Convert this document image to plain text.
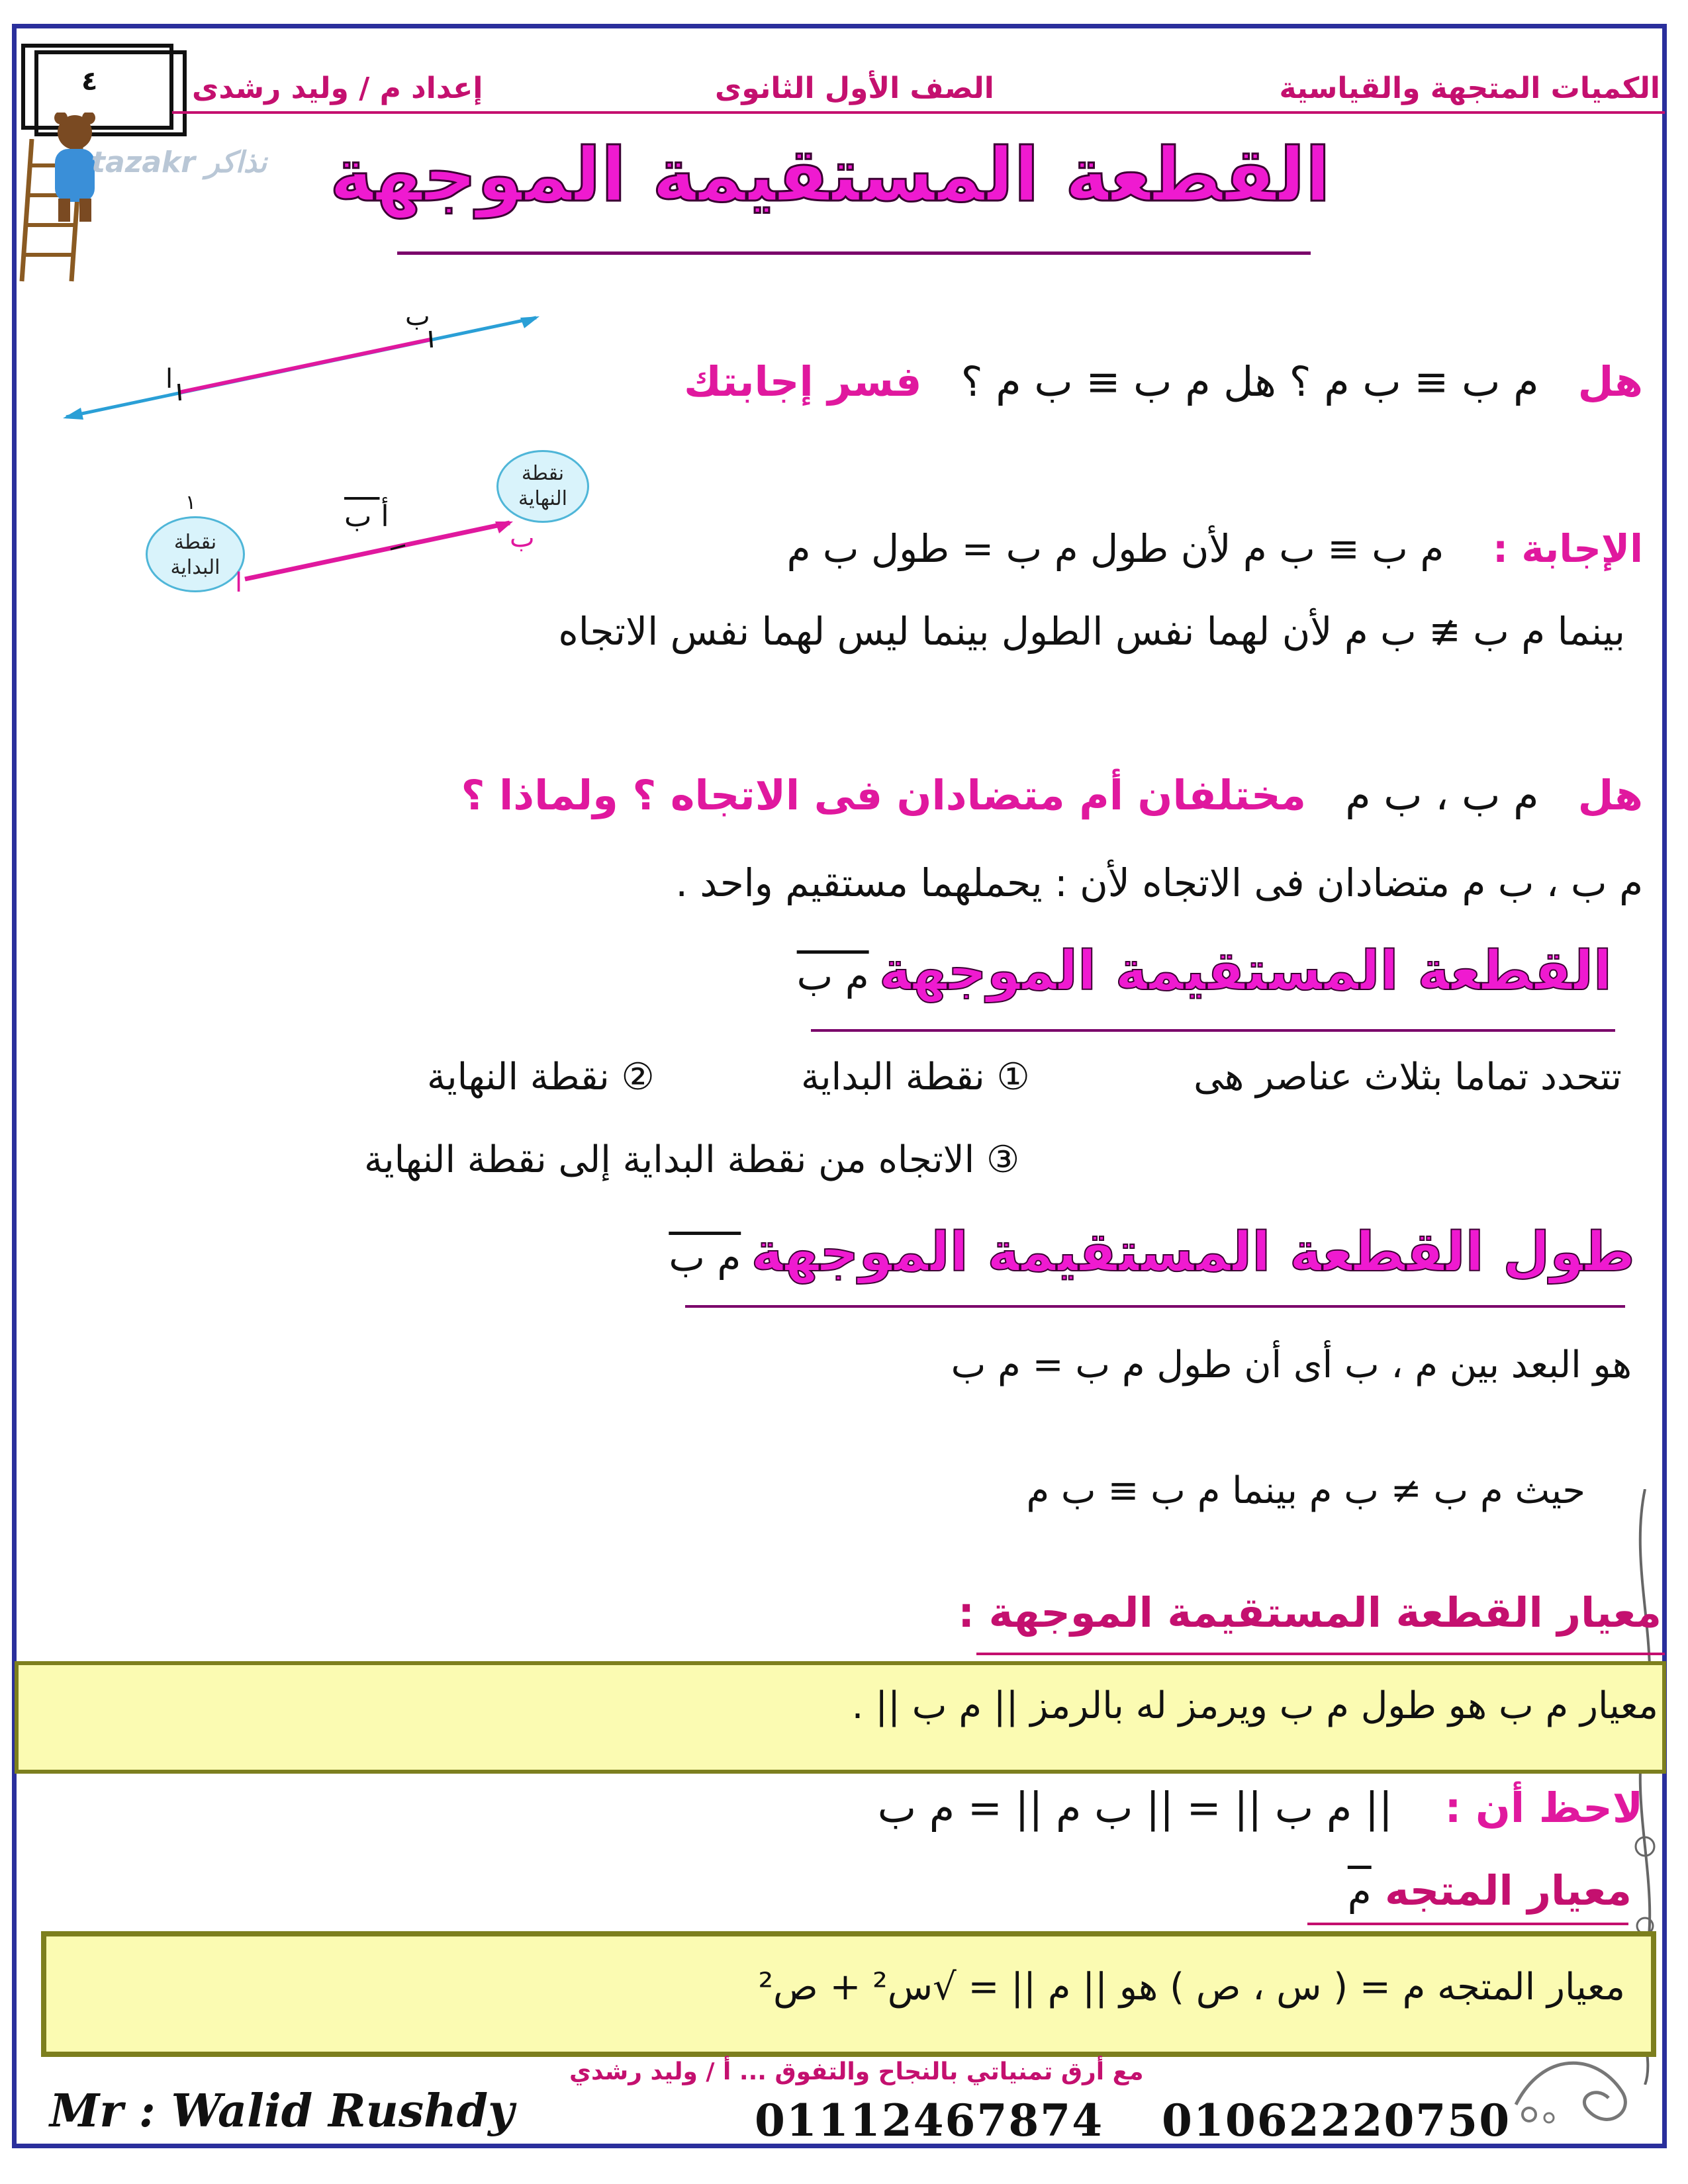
٤
tazakr نذاكر
الكميات المتجهة والقياسية
الصف الأول الثانوى
إعداد م / وليد رشدى
القطعة المستقيمة الموجهة
ب
ا
نقطة النهاية
نقطة البداية
أ ب
ب
ا
١
هل   م ب ≡ ب م ؟ هل م ب ≡ ب م ؟   فسر إجابتك
الإجابة :    م ب ≡ ب م لأن طول م ب = طول ب م
بينما م ب ≢ ب م لأن لهما نفس الطول بينما ليس لهما نفس الاتجاه
هل   م ب ، ب م   مختلفان أم متضادان فى الاتجاه ؟ ولماذا ؟
م ب ، ب م متضادان فى الاتجاه لأن : يحملهما مستقيم واحد .
القطعة المستقيمة الموجهة   م ب
تتحدد تماما بثلاث عناصر هى
① نقطة البداية
② نقطة النهاية
③ الاتجاه من نقطة البداية إلى نقطة النهاية
طول القطعة المستقيمة الموجهة   م ب
هو البعد بين م ، ب أى أن طول م ب = م ب
حيث م ب ≠ ب م بينما م ب ≡ ب م
معيار القطعة المستقيمة الموجهة :
معيار م ب هو طول م ب ويرمز له بالرمز || م ب || .
لاحظ أن :    || م ب || = || ب م || = م ب
معيار المتجه    م
معيار المتجه م = ( س ، ص ) هو || م || = √س² + ص²
مع أرق تمنياتي بالنجاح والتفوق ... أ / وليد رشدي
Mr : Walid Rushdy	01112467874 01062220750
